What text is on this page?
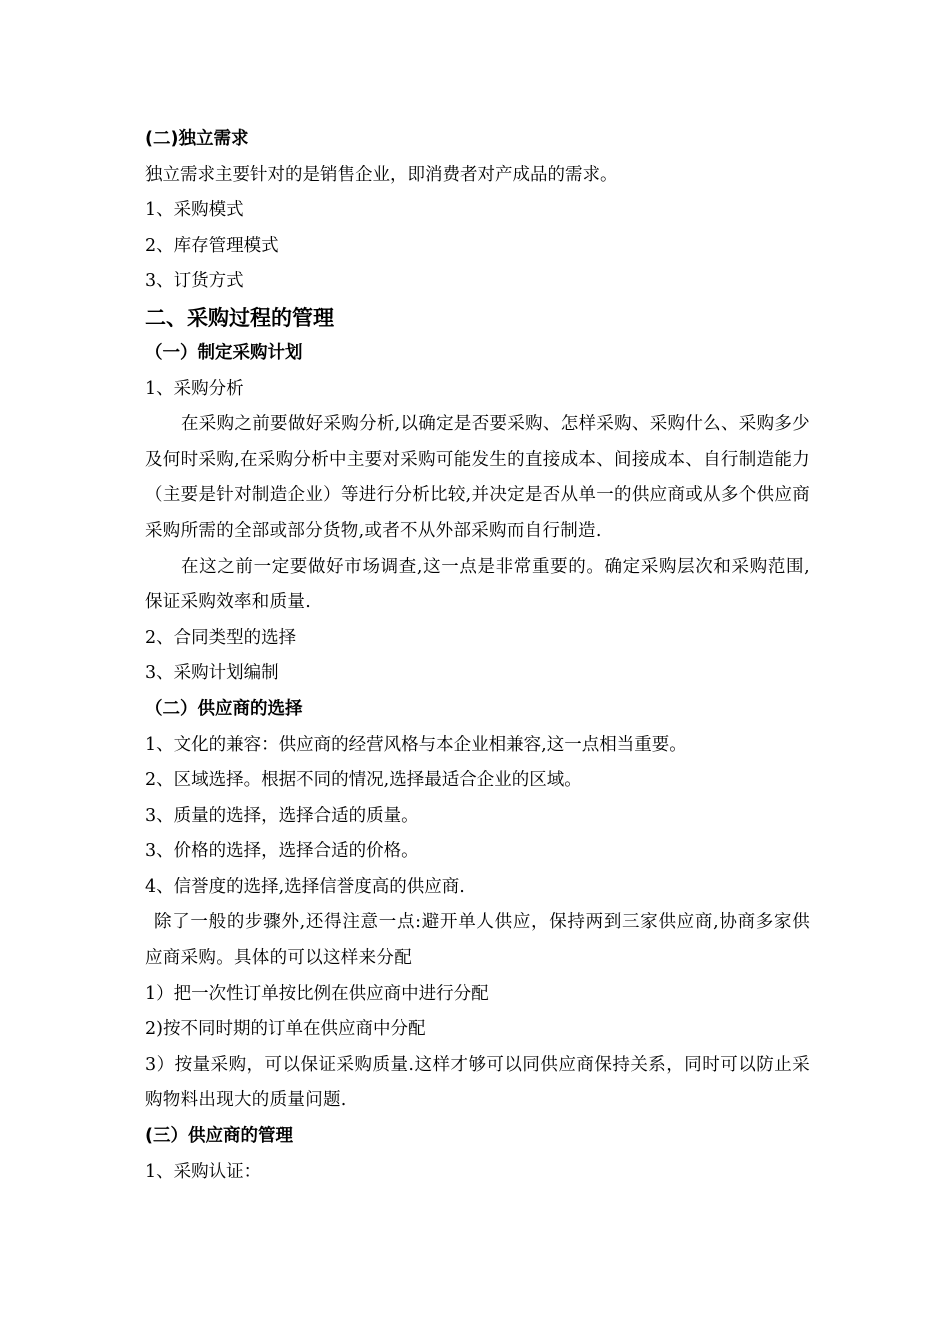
(二)独立需求
独立需求主要针对的是销售企业，即消费者对产成品的需求。
1、采购模式
2、库存管理模式
3、订货方式
二、采购过程的管理
（一）制定采购计划
1、采购分析
在采购之前要做好采购分析,以确定是否要采购、怎样采购、采购什么、采购多少及何时采购,在采购分析中主要对采购可能发生的直接成本、间接成本、自行制造能力（主要是针对制造企业）等进行分析比较,并决定是否从单一的供应商或从多个供应商采购所需的全部或部分货物,或者不从外部采购而自行制造.
在这之前一定要做好市场调查,这一点是非常重要的。确定采购层次和采购范围,保证采购效率和质量.
2、合同类型的选择
3、采购计划编制
（二）供应商的选择
1、文化的兼容：供应商的经营风格与本企业相兼容,这一点相当重要。
2、区域选择。根据不同的情况,选择最适合企业的区域。
3、质量的选择，选择合适的质量。
3、价格的选择，选择合适的价格。
4、信誉度的选择,选择信誉度高的供应商.
除了一般的步骤外,还得注意一点:避开单人供应，保持两到三家供应商,协商多家供应商采购。具体的可以这样来分配
1）把一次性订单按比例在供应商中进行分配
2)按不同时期的订单在供应商中分配
3）按量采购，可以保证采购质量.这样才够可以同供应商保持关系，同时可以防止采购物料出现大的质量问题.
(三）供应商的管理
1、采购认证：
